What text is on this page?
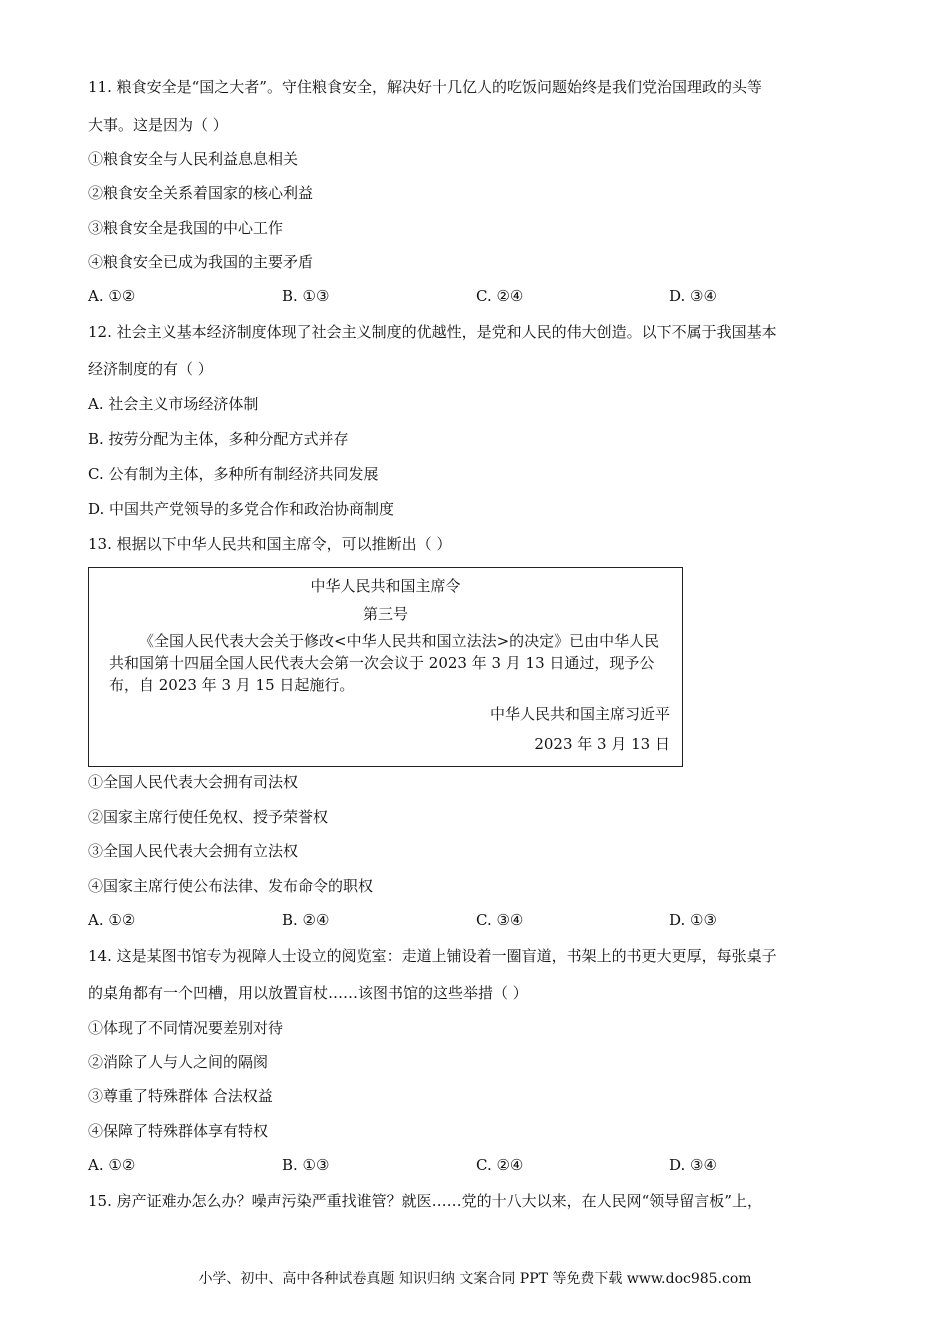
11. 粮食安全是“国之大者”。守住粮食安全，解决好十几亿人的吃饭问题始终是我们党治国理政的头等
大事。这是因为（ ）
①粮食安全与人民利益息息相关
②粮食安全关系着国家的核心利益
③粮食安全是我国的中心工作
④粮食安全已成为我国的主要矛盾
A. ①②	B. ①③	C. ②④	D. ③④
12. 社会主义基本经济制度体现了社会主义制度的优越性，是党和人民的伟大创造。以下不属于我国基本
经济制度的有（ ）
A. 社会主义市场经济体制
B. 按劳分配为主体，多种分配方式并存
C. 公有制为主体，多种所有制经济共同发展
D. 中国共产党领导的多党合作和政治协商制度
13. 根据以下中华人民共和国主席令，可以推断出（ ）
中华人民共和国主席令
第三号
《全国人民代表大会关于修改<中华人民共和国立法法>的决定》已由中华人民共和国第十四届全国人民代表大会第一次会议于 2023 年 3 月 13 日通过，现予公布，自 2023 年 3 月 15 日起施行。
中华人民共和国主席习近平
2023 年 3 月 13 日
①全国人民代表大会拥有司法权
②国家主席行使任免权、授予荣誉权
③全国人民代表大会拥有立法权
④国家主席行使公布法律、发布命令的职权
A. ①②	B. ②④	C. ③④	D. ①③
14. 这是某图书馆专为视障人士设立的阅览室：走道上铺设着一圈盲道，书架上的书更大更厚，每张桌子
的桌角都有一个凹槽，用以放置盲杖……该图书馆的这些举措（ ）
①体现了不同情况要差别对待
②消除了人与人之间的隔阂
③尊重了特殊群体 合法权益
④保障了特殊群体享有特权
A. ①②	B. ①③	C. ②④	D. ③④
15. 房产证难办怎么办？噪声污染严重找谁管？就医……党的十八大以来，在人民网“领导留言板”上，
小学、初中、高中各种试卷真题 知识归纳 文案合同 PPT 等免费下载 www.doc985.com
